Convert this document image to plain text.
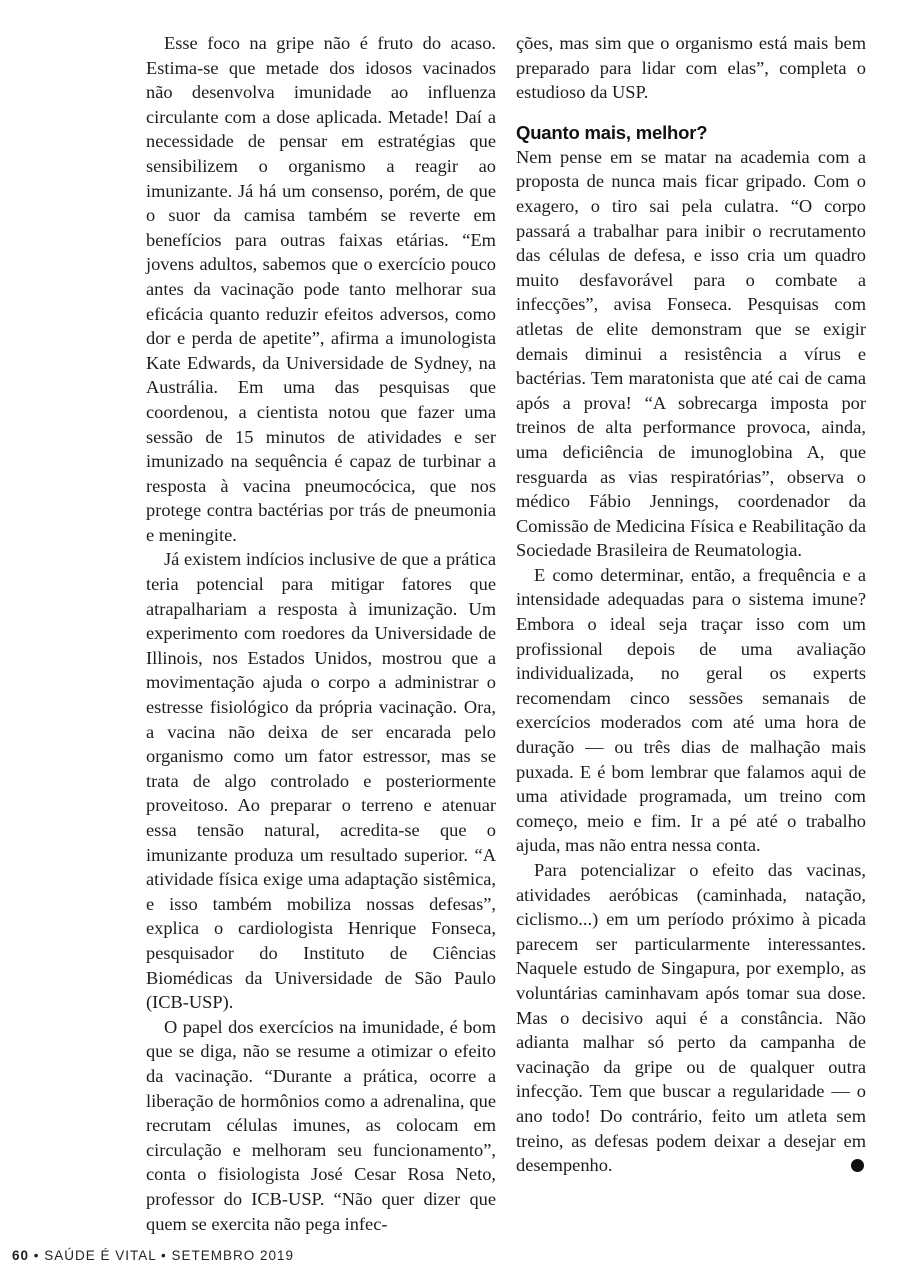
Esse foco na gripe não é fruto do acaso. Estima-se que metade dos idosos vacinados não desenvolva imunidade ao influenza circulante com a dose aplicada. Metade! Daí a necessidade de pensar em estratégias que sensibilizem o organismo a reagir ao imunizante. Já há um consenso, porém, de que o suor da camisa também se reverte em benefícios para outras faixas etárias. “Em jovens adultos, sabemos que o exercício pouco antes da vacinação pode tanto melhorar sua eficácia quanto reduzir efeitos adversos, como dor e perda de apetite”, afirma a imunologista Kate Edwards, da Universidade de Sydney, na Austrália. Em uma das pesquisas que coordenou, a cientista notou que fazer uma sessão de 15 minutos de atividades e ser imunizado na sequência é capaz de turbinar a resposta à vacina pneumocócica, que nos protege contra bactérias por trás de pneumonia e meningite.

Já existem indícios inclusive de que a prática teria potencial para mitigar fatores que atrapalhariam a resposta à imunização. Um experimento com roedores da Universidade de Illinois, nos Estados Unidos, mostrou que a movimentação ajuda o corpo a administrar o estresse fisiológico da própria vacinação. Ora, a vacina não deixa de ser encarada pelo organismo como um fator estressor, mas se trata de algo controlado e posteriormente proveitoso. Ao preparar o terreno e atenuar essa tensão natural, acredita-se que o imunizante produza um resultado superior. “A atividade física exige uma adaptação sistêmica, e isso também mobiliza nossas defesas”, explica o cardiologista Henrique Fonseca, pesquisador do Instituto de Ciências Biomédicas da Universidade de São Paulo (ICB-USP).

O papel dos exercícios na imunidade, é bom que se diga, não se resume a otimizar o efeito da vacinação. “Durante a prática, ocorre a liberação de hormônios como a adrenalina, que recrutam células imunes, as colocam em circulação e melhoram seu funcionamento”, conta o fisiologista José Cesar Rosa Neto, professor do ICB-USP. “Não quer dizer que quem se exercita não pega infec-

ções, mas sim que o organismo está mais bem preparado para lidar com elas”, completa o estudioso da USP.

Quanto mais, melhor?

Nem pense em se matar na academia com a proposta de nunca mais ficar gripado. Com o exagero, o tiro sai pela culatra. “O corpo passará a trabalhar para inibir o recrutamento das células de defesa, e isso cria um quadro muito desfavorável para o combate a infecções”, avisa Fonseca. Pesquisas com atletas de elite demonstram que se exigir demais diminui a resistência a vírus e bactérias. Tem maratonista que até cai de cama após a prova! “A sobrecarga imposta por treinos de alta performance provoca, ainda, uma deficiência de imunoglobina A, que resguarda as vias respiratórias”, observa o médico Fábio Jennings, coordenador da Comissão de Medicina Física e Reabilitação da Sociedade Brasileira de Reumatologia.

E como determinar, então, a frequência e a intensidade adequadas para o sistema imune? Embora o ideal seja traçar isso com um profissional depois de uma avaliação individualizada, no geral os experts recomendam cinco sessões semanais de exercícios moderados com até uma hora de duração — ou três dias de malhação mais puxada. E é bom lembrar que falamos aqui de uma atividade programada, um treino com começo, meio e fim. Ir a pé até o trabalho ajuda, mas não entra nessa conta.

Para potencializar o efeito das vacinas, atividades aeróbicas (caminhada, natação, ciclismo...) em um período próximo à picada parecem ser particularmente interessantes. Naquele estudo de Singapura, por exemplo, as voluntárias caminhavam após tomar sua dose. Mas o decisivo aqui é a constância. Não adianta malhar só perto da campanha de vacinação da gripe ou de qualquer outra infecção. Tem que buscar a regularidade — o ano todo! Do contrário, feito um atleta sem treino, as defesas podem deixar a desejar em desempenho.

60 • SAÚDE É VITAL • SETEMBRO 2019
